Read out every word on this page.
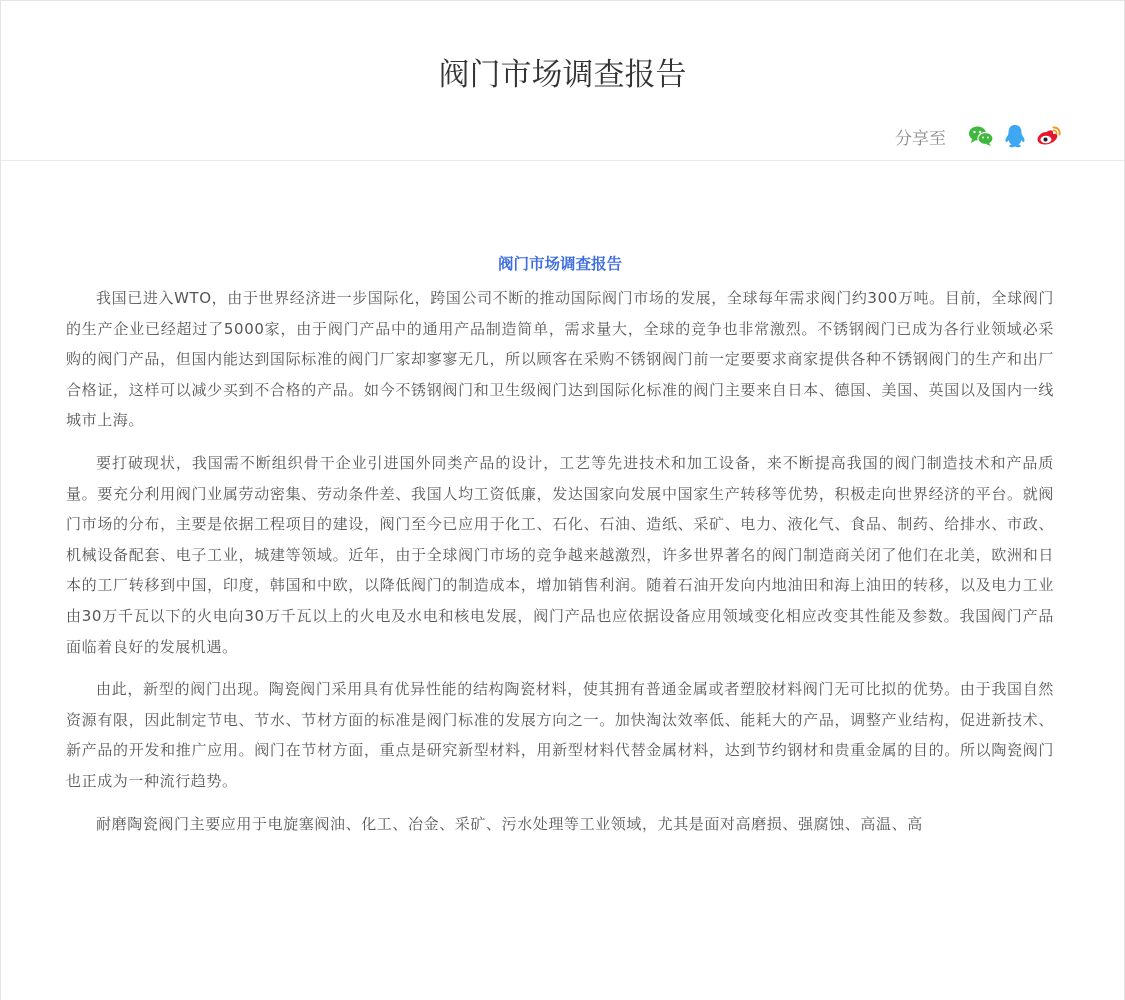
阀门市场调查报告
分享至
阀门市场调查报告

我国已进入WTO，由于世界经济进一步国际化，跨国公司不断的推动国际阀门市场的发展，全球每年需求阀门约300万吨。目前，全球阀门的生产企业已经超过了5000家，由于阀门产品中的通用产品制造简单，需求量大，全球的竞争也非常激烈。不锈钢阀门已成为各行业领域必采购的阀门产品，但国内能达到国际标准的阀门厂家却寥寥无几，所以顾客在采购不锈钢阀门前一定要要求商家提供各种不锈钢阀门的生产和出厂合格证，这样可以减少买到不合格的产品。如今不锈钢阀门和卫生级阀门达到国际化标准的阀门主要来自日本、德国、美国、英国以及国内一线城市上海。

要打破现状，我国需不断组织骨干企业引进国外同类产品的设计，工艺等先进技术和加工设备，来不断提高我国的阀门制造技术和产品质量。要充分利用阀门业属劳动密集、劳动条件差、我国人均工资低廉，发达国家向发展中国家生产转移等优势，积极走向世界经济的平台。就阀门市场的分布，主要是依据工程项目的建设，阀门至今已应用于化工、石化、石油、造纸、采矿、电力、液化气、食品、制药、给排水、市政、机械设备配套、电子工业，城建等领域。近年，由于全球阀门市场的竞争越来越激烈，许多世界著名的阀门制造商关闭了他们在北美，欧洲和日本的工厂转移到中国，印度，韩国和中欧，以降低阀门的制造成本，增加销售利润。随着石油开发向内地油田和海上油田的转移，以及电力工业由30万千瓦以下的火电向30万千瓦以上的火电及水电和核电发展，阀门产品也应依据设备应用领域变化相应改变其性能及参数。我国阀门产品面临着良好的发展机遇。

由此，新型的阀门出现。陶瓷阀门采用具有优异性能的结构陶瓷材料，使其拥有普通金属或者塑胶材料阀门无可比拟的优势。由于我国自然资源有限，因此制定节电、节水、节材方面的标准是阀门标准的发展方向之一。加快淘汰效率低、能耗大的产品，调整产业结构，促进新技术、新产品的开发和推广应用。阀门在节材方面，重点是研究新型材料，用新型材料代替金属材料，达到节约钢材和贵重金属的目的。所以陶瓷阀门也正成为一种流行趋势。

耐磨陶瓷阀门主要应用于电旋塞阀油、化工、冶金、采矿、污水处理等工业领域，尤其是面对高磨损、强腐蚀、高温、高
